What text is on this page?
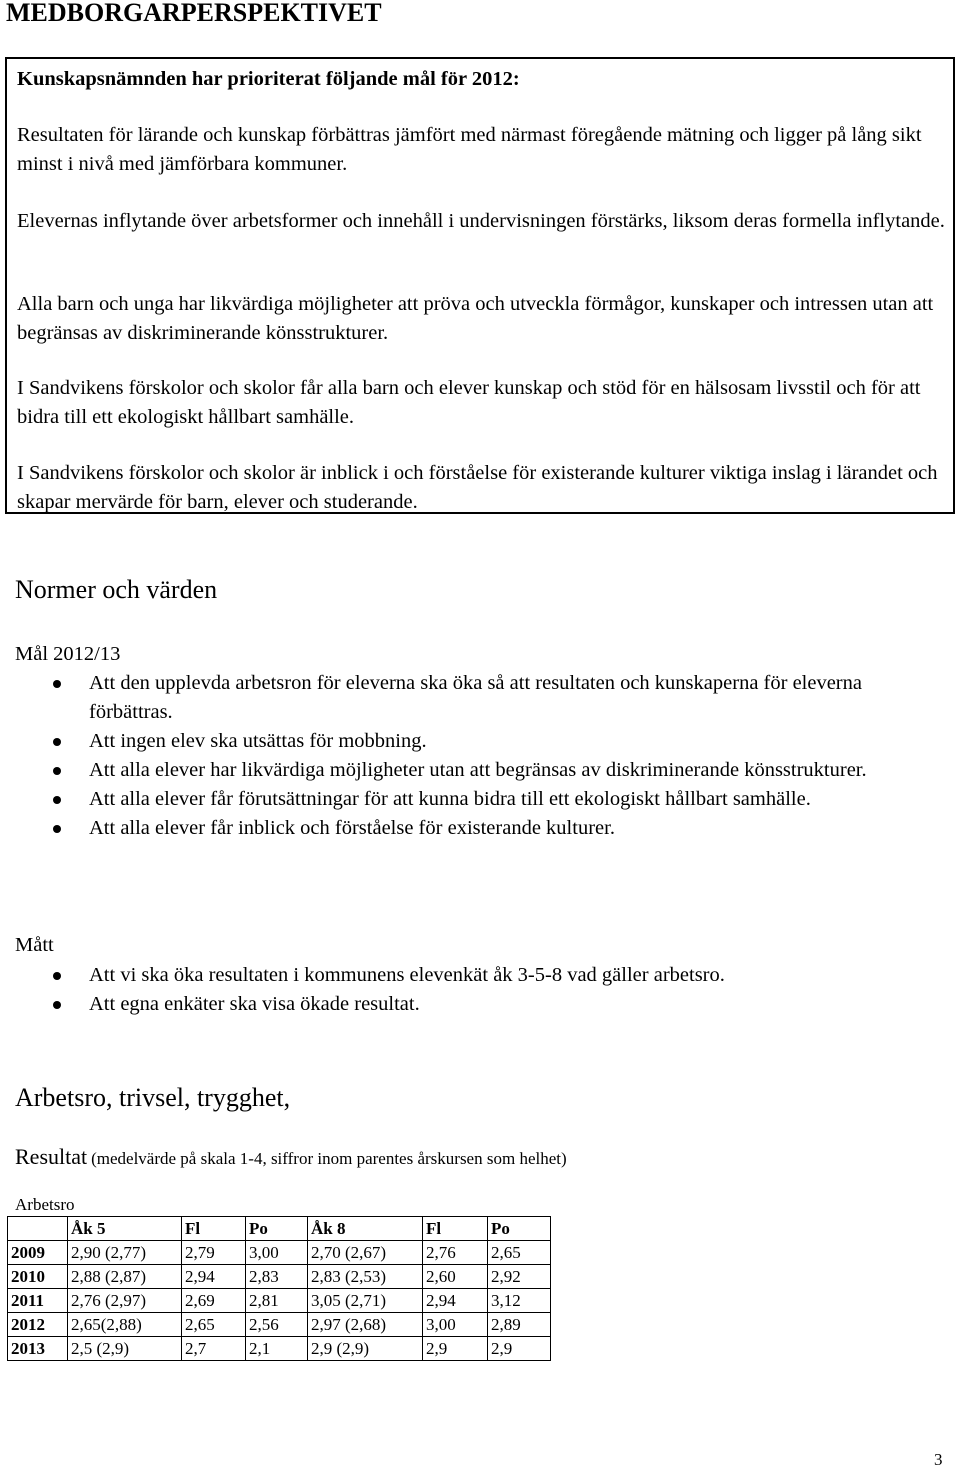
MEDBORGARPERSPEKTIVET

Kunskapsnämnden har prioriterat följande mål för 2012:

Resultaten för lärande och kunskap förbättras jämfört med närmast föregående mätning och ligger på lång sikt minst i nivå med jämförbara kommuner.

Elevernas inflytande över arbetsformer och innehåll i undervisningen förstärks, liksom deras formella inflytande.

Alla barn och unga har likvärdiga möjligheter att pröva och utveckla förmågor, kunskaper och intressen utan att begränsas av diskriminerande könsstrukturer.

I Sandvikens förskolor och skolor får alla barn och elever kunskap och stöd för en hälsosam livsstil och för att bidra till ett ekologiskt hållbart samhälle.

I Sandvikens förskolor och skolor är inblick i och förståelse för existerande kulturer viktiga inslag i lärandet och skapar mervärde för barn, elever och studerande.

Normer och värden

Mål 2012/13

Att den upplevda arbetsron för eleverna ska öka så att resultaten och kunskaperna för eleverna förbättras.
Att ingen elev ska utsättas för mobbning.
Att alla elever har likvärdiga möjligheter utan att begränsas av diskriminerande könsstrukturer.
Att alla elever får förutsättningar för att kunna bidra till ett ekologiskt hållbart samhälle.
Att alla elever får inblick och förståelse för existerande kulturer.

Mått

Att vi ska öka resultaten i kommunens elevenkät åk 3-5-8 vad gäller arbetsro.
Att egna enkäter ska visa ökade resultat.
Arbetsro, trivsel, trygghet,

Resultat (medelvärde på skala 1-4, siffror inom parentes årskursen som helhet)

Arbetsro

	Åk 5	Fl	Po	Åk 8	Fl	Po
2009	2,90 (2,77)	2,79	3,00	2,70 (2,67)	2,76	2,65
2010	2,88 (2,87)	2,94	2,83	2,83 (2,53)	2,60	2,92
2011	2,76 (2,97)	2,69	2,81	3,05 (2,71)	2,94	3,12
2012	2,65(2,88)	2,65	2,56	2,97 (2,68)	3,00	2,89
2013	2,5 (2,9)	2,7	2,1	2,9 (2,9)	2,9	2,9
3
